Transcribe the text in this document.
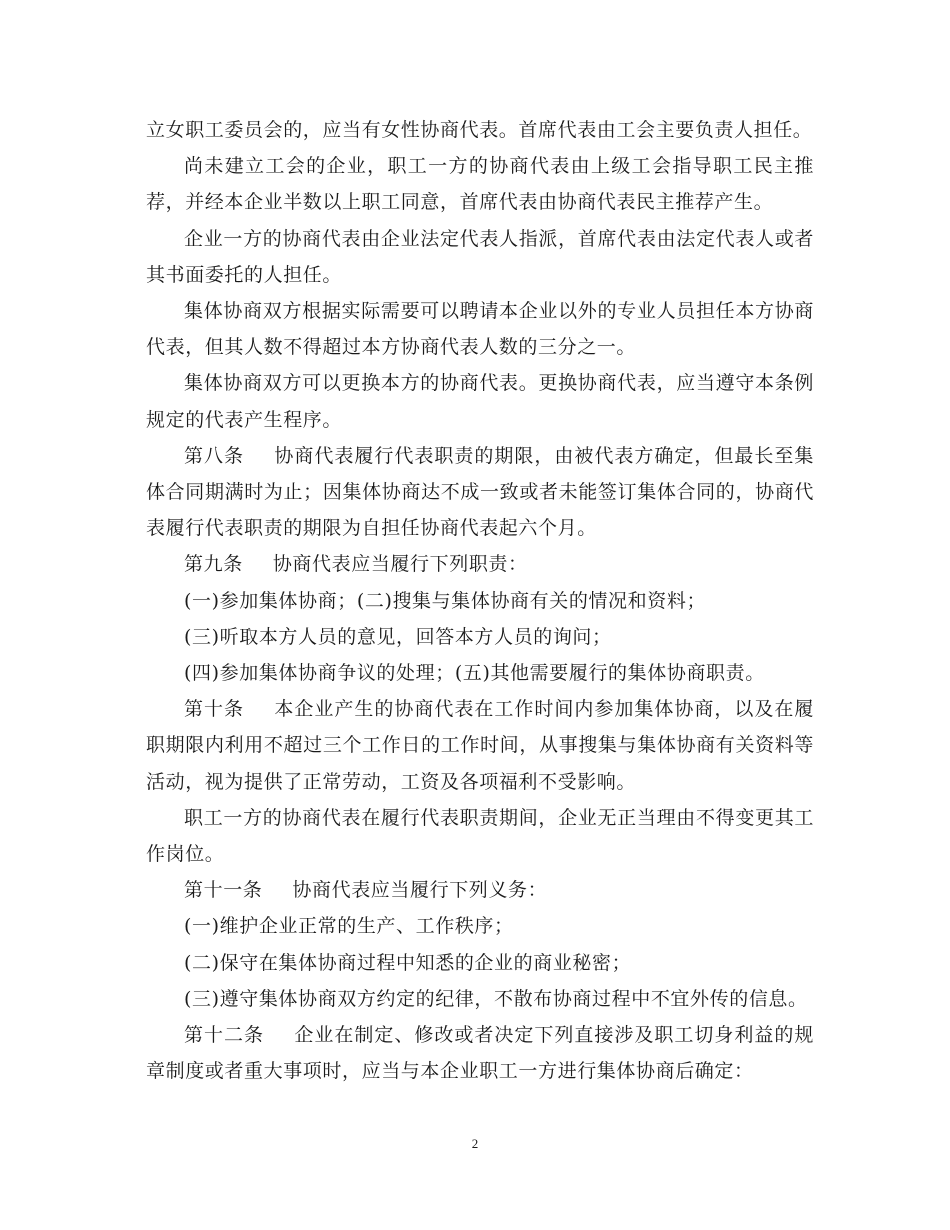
立女职工委员会的，应当有女性协商代表。首席代表由工会主要负责人担任。

尚未建立工会的企业，职工一方的协商代表由上级工会指导职工民主推荐，并经本企业半数以上职工同意，首席代表由协商代表民主推荐产生。

企业一方的协商代表由企业法定代表人指派，首席代表由法定代表人或者其书面委托的人担任。

集体协商双方根据实际需要可以聘请本企业以外的专业人员担任本方协商代表，但其人数不得超过本方协商代表人数的三分之一。

集体协商双方可以更换本方的协商代表。更换协商代表，应当遵守本条例规定的代表产生程序。

第八条 协商代表履行代表职责的期限，由被代表方确定，但最长至集体合同期满时为止；因集体协商达不成一致或者未能签订集体合同的，协商代表履行代表职责的期限为自担任协商代表起六个月。

第九条 协商代表应当履行下列职责：

(一)参加集体协商；(二)搜集与集体协商有关的情况和资料；

(三)听取本方人员的意见，回答本方人员的询问；

(四)参加集体协商争议的处理；(五)其他需要履行的集体协商职责。

第十条 本企业产生的协商代表在工作时间内参加集体协商，以及在履职期限内利用不超过三个工作日的工作时间，从事搜集与集体协商有关资料等活动，视为提供了正常劳动，工资及各项福利不受影响。

职工一方的协商代表在履行代表职责期间，企业无正当理由不得变更其工作岗位。

第十一条 协商代表应当履行下列义务：

(一)维护企业正常的生产、工作秩序；

(二)保守在集体协商过程中知悉的企业的商业秘密；

(三)遵守集体协商双方约定的纪律，不散布协商过程中不宜外传的信息。

第十二条 企业在制定、修改或者决定下列直接涉及职工切身利益的规章制度或者重大事项时，应当与本企业职工一方进行集体协商后确定：

2
